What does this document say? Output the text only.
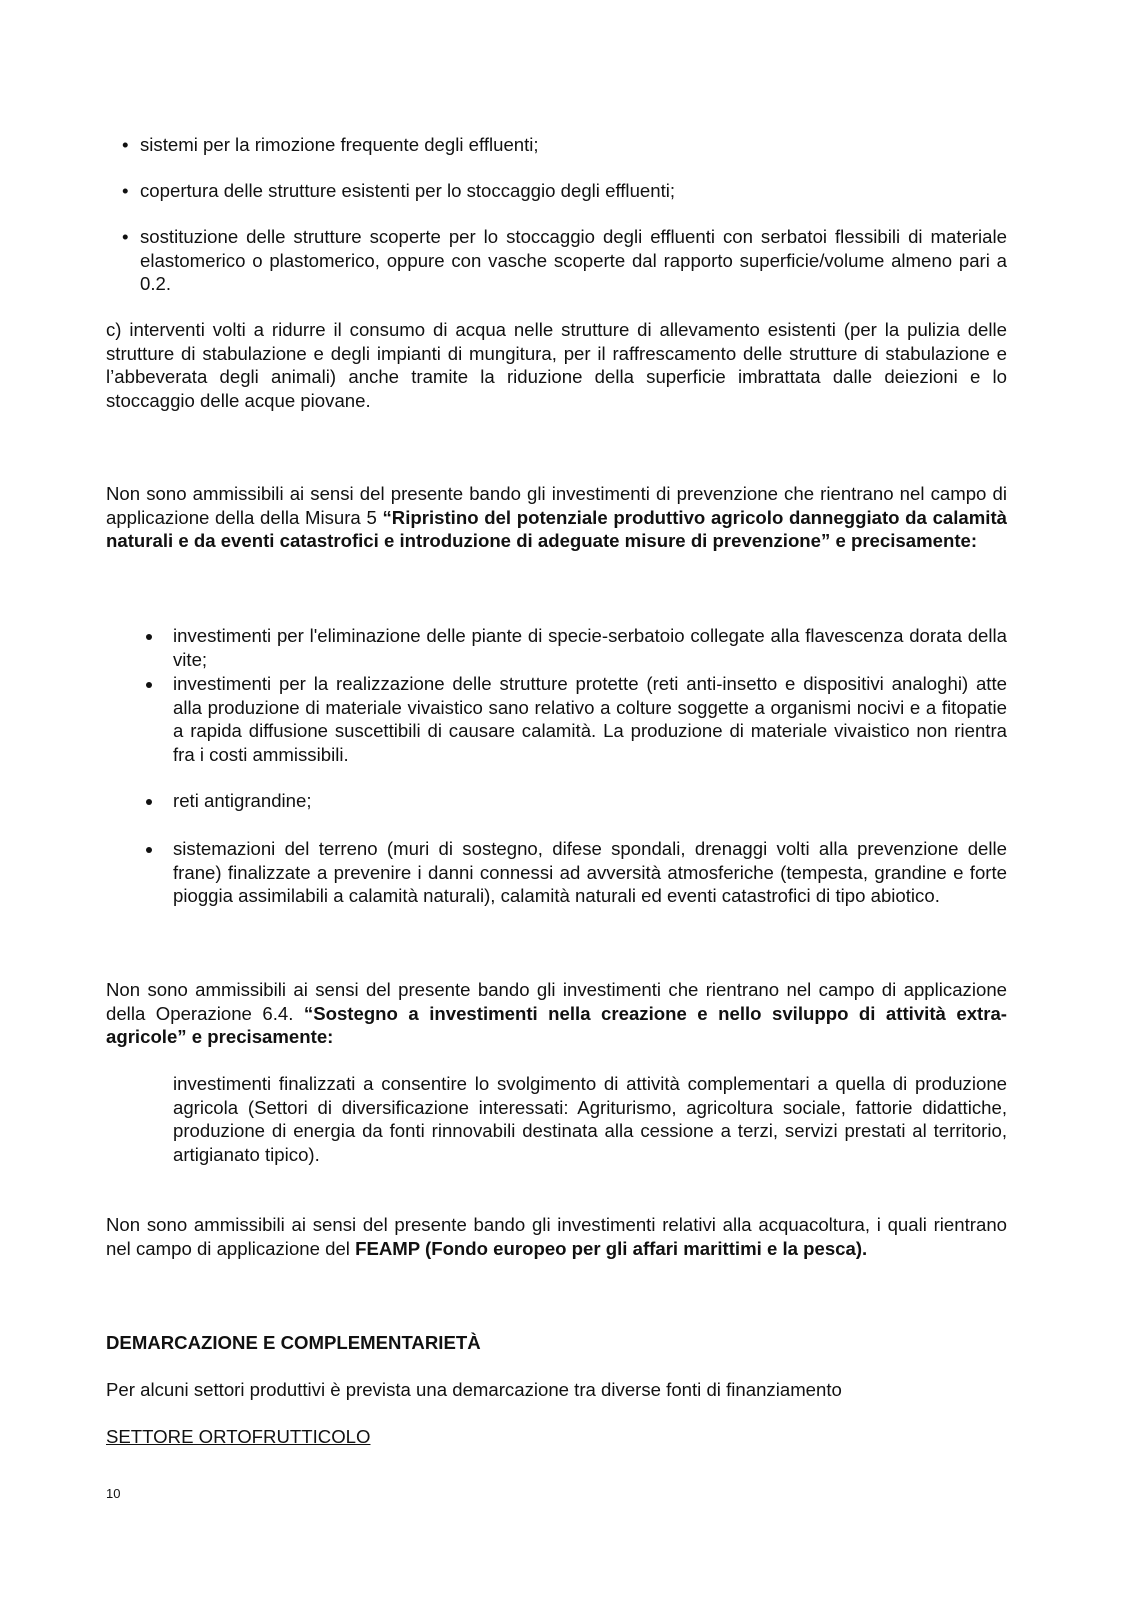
• sistemi per la rimozione frequente degli effluenti;
• copertura delle strutture esistenti per lo stoccaggio degli effluenti;
• sostituzione delle strutture scoperte per lo stoccaggio degli effluenti con serbatoi flessibili di materiale elastomerico o plastomerico, oppure con vasche scoperte dal rapporto superficie/volume almeno pari a 0.2.
c) interventi volti a ridurre il consumo di acqua nelle strutture di allevamento esistenti (per la pulizia delle strutture di stabulazione e degli impianti di mungitura, per il raffrescamento delle strutture di stabulazione e l’abbeverata degli animali) anche tramite la riduzione della superficie imbrattata dalle deiezioni e lo stoccaggio delle acque piovane.
Non sono ammissibili ai sensi del presente bando gli investimenti di prevenzione che rientrano nel campo di applicazione della della Misura 5 “Ripristino del potenziale produttivo agricolo danneggiato da calamità naturali e da eventi catastrofici e introduzione di adeguate misure di prevenzione” e precisamente:
investimenti per l'eliminazione delle piante di specie-serbatoio collegate alla flavescenza dorata della vite;
investimenti per la realizzazione delle strutture protette (reti anti-insetto e dispositivi analoghi) atte alla produzione di materiale vivaistico sano relativo a colture soggette a organismi nocivi e a fitopatie a rapida diffusione suscettibili di causare calamità. La produzione di materiale vivaistico non rientra fra i costi ammissibili.
reti antigrandine;
sistemazioni del terreno (muri di sostegno, difese spondali, drenaggi volti alla prevenzione delle frane) finalizzate a prevenire i danni connessi ad avversità atmosferiche (tempesta, grandine e forte pioggia assimilabili a calamità naturali), calamità naturali ed eventi catastrofici di tipo abiotico.
Non sono ammissibili ai sensi del presente bando gli investimenti che rientrano nel campo di applicazione della Operazione 6.4. “Sostegno a investimenti nella creazione e nello sviluppo di attività extra-agricole” e precisamente:
investimenti finalizzati a consentire lo svolgimento di attività complementari a quella di produzione agricola (Settori di diversificazione interessati: Agriturismo, agricoltura sociale, fattorie didattiche, produzione di energia da fonti rinnovabili destinata alla cessione a terzi, servizi prestati al territorio, artigianato tipico).
Non sono ammissibili ai sensi del presente bando gli investimenti relativi alla acquacoltura, i quali rientrano nel campo di applicazione del FEAMP (Fondo europeo per gli affari marittimi e la pesca).
DEMARCAZIONE E COMPLEMENTARIETÀ
Per alcuni settori produttivi è prevista una demarcazione tra diverse fonti di finanziamento
SETTORE ORTOFRUTTICOLO
10
